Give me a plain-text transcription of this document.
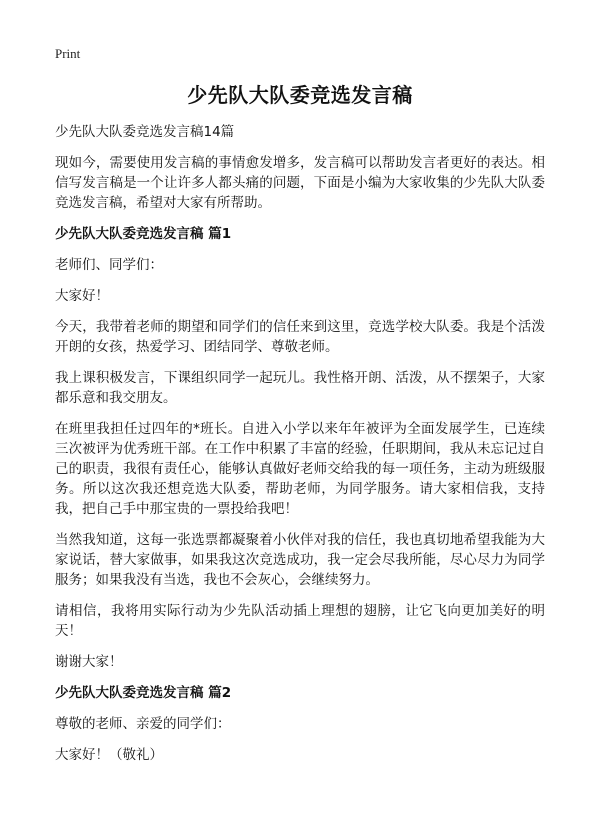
Print
少先队大队委竞选发言稿
少先队大队委竞选发言稿14篇
现如今，需要使用发言稿的事情愈发增多，发言稿可以帮助发言者更好的表达。相信写发言稿是一个让许多人都头痛的问题，下面是小编为大家收集的少先队大队委竞选发言稿，希望对大家有所帮助。
少先队大队委竞选发言稿 篇1
老师们、同学们：
大家好！
今天，我带着老师的期望和同学们的信任来到这里，竞选学校大队委。我是个活泼开朗的女孩，热爱学习、团结同学、尊敬老师。
我上课积极发言，下课组织同学一起玩儿。我性格开朗、活泼，从不摆架子，大家都乐意和我交朋友。
在班里我担任过四年的*班长。自进入小学以来年年被评为全面发展学生，已连续三次被评为优秀班干部。在工作中积累了丰富的经验，任职期间，我从未忘记过自己的职责，我很有责任心，能够认真做好老师交给我的每一项任务，主动为班级服务。所以这次我还想竞选大队委，帮助老师，为同学服务。请大家相信我，支持我，把自己手中那宝贵的一票投给我吧！
当然我知道，这每一张选票都凝聚着小伙伴对我的信任，我也真切地希望我能为大家说话，替大家做事，如果我这次竞选成功，我一定会尽我所能，尽心尽力为同学服务；如果我没有当选，我也不会灰心，会继续努力。
请相信，我将用实际行动为少先队活动插上理想的翅膀，让它飞向更加美好的明天！
谢谢大家！
少先队大队委竞选发言稿 篇2
尊敬的老师、亲爱的同学们：
大家好！（敬礼）
